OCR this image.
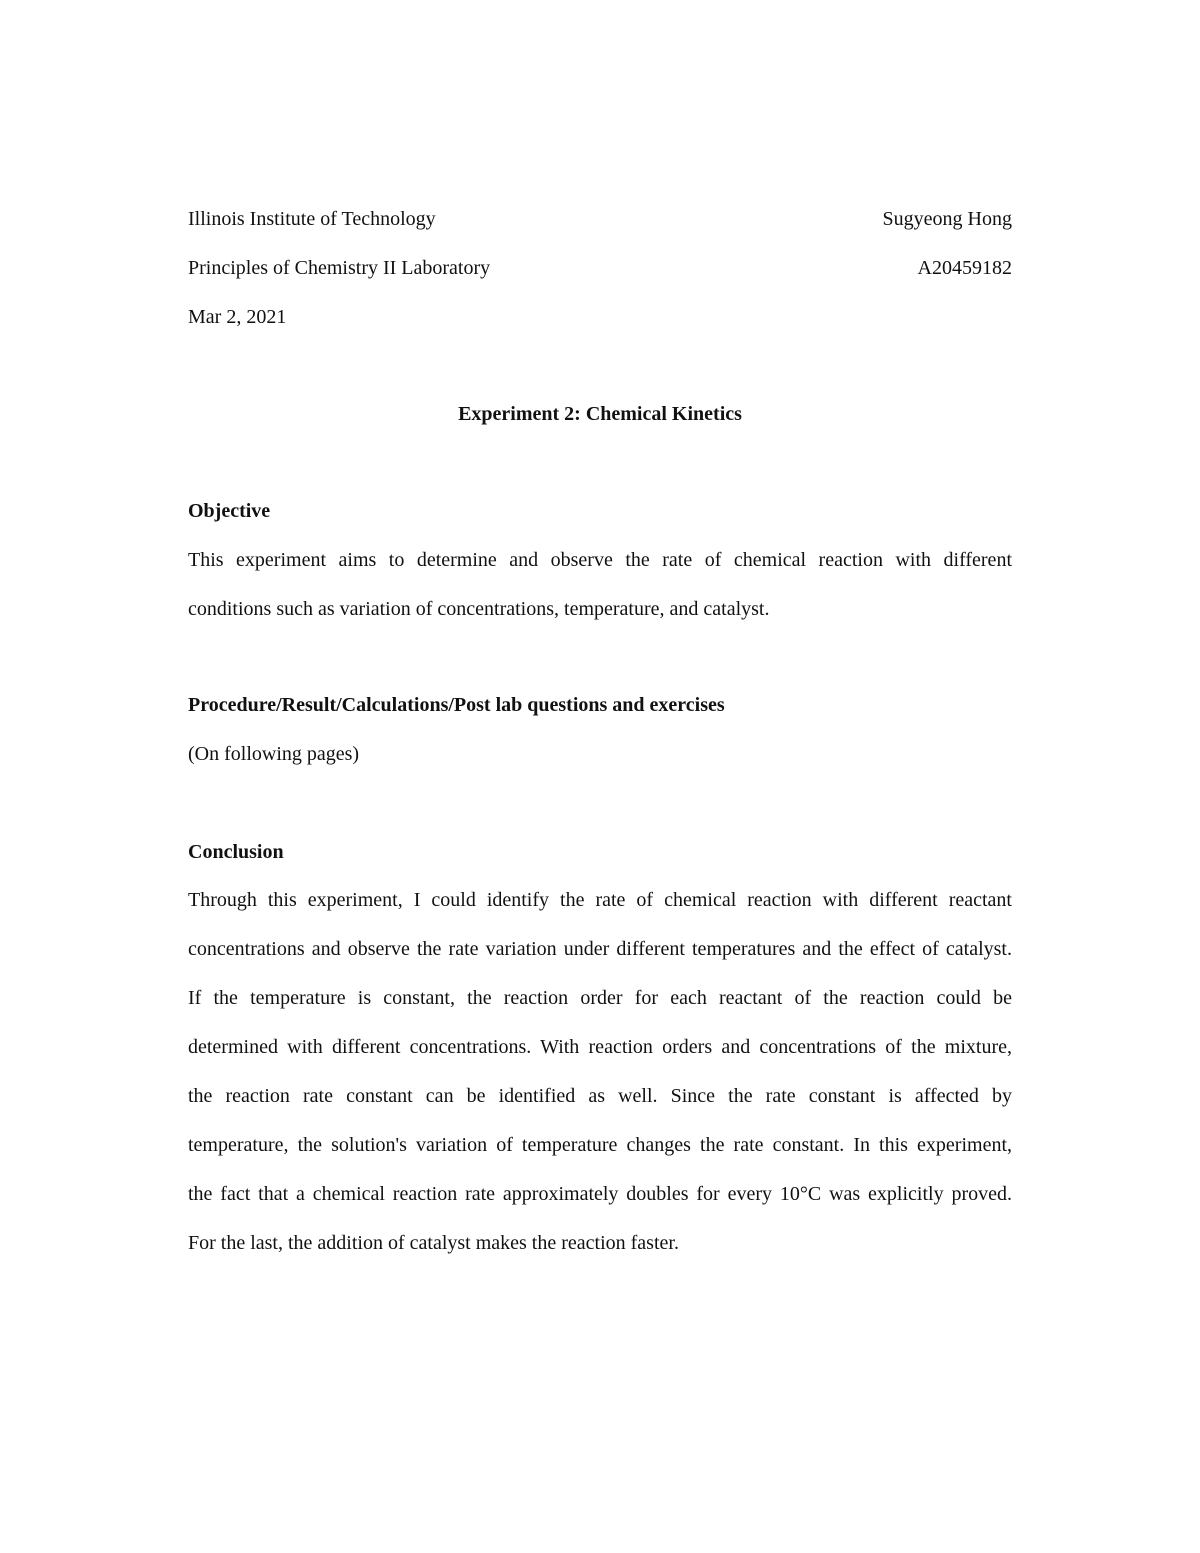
Illinois Institute of Technology	Sugyeong Hong
Principles of Chemistry II Laboratory	A20459182
Mar 2, 2021
Experiment 2: Chemical Kinetics
Objective
This experiment aims to determine and observe the rate of chemical reaction with different
conditions such as variation of concentrations, temperature, and catalyst.
Procedure/Result/Calculations/Post lab questions and exercises
(On following pages)
Conclusion
Through this experiment, I could identify the rate of chemical reaction with different reactant
concentrations and observe the rate variation under different temperatures and the effect of catalyst.
If the temperature is constant, the reaction order for each reactant of the reaction could be
determined with different concentrations. With reaction orders and concentrations of the mixture,
the reaction rate constant can be identified as well. Since the rate constant is affected by
temperature, the solution's variation of temperature changes the rate constant. In this experiment,
the fact that a chemical reaction rate approximately doubles for every 10°C was explicitly proved.
For the last, the addition of catalyst makes the reaction faster.
